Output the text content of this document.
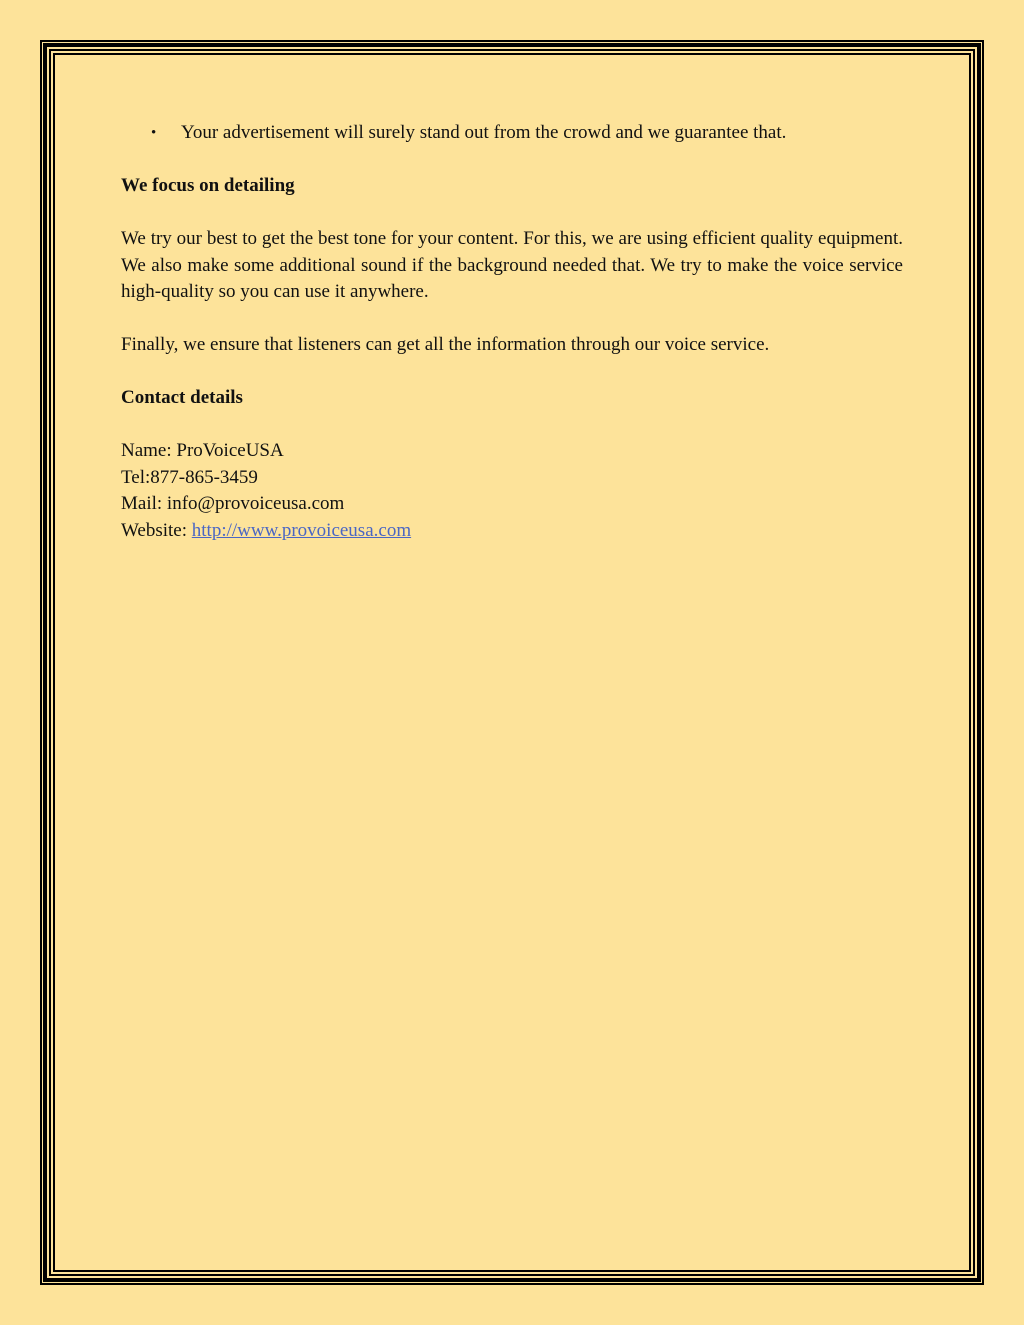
• Your advertisement will surely stand out from the crowd and we guarantee that.

We focus on detailing

We try our best to get the best tone for your content. For this, we are using efficient quality equipment. We also make some additional sound if the background needed that. We try to make the voice service high-quality so you can use it anywhere.

Finally, we ensure that listeners can get all the information through our voice service.

Contact details

Name: ProVoiceUSA
Tel:877-865-3459
Mail: info@provoiceusa.com
Website: http://www.provoiceusa.com
